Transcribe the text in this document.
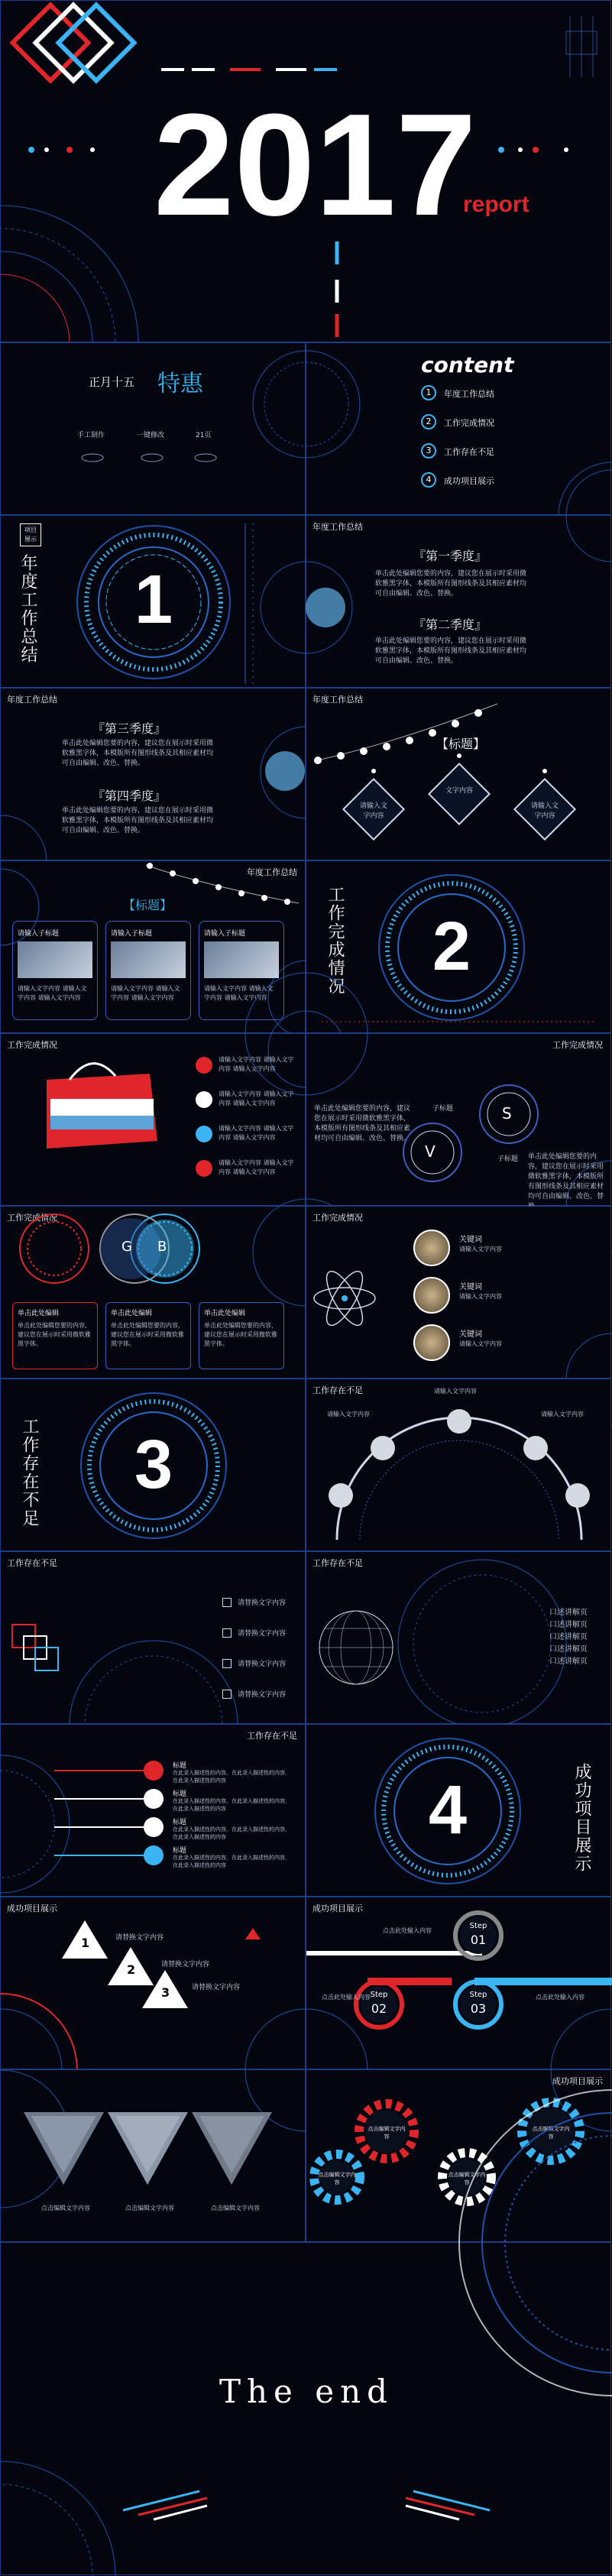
2017
report
正月十五 特惠
手工制作	一键修改	21页
content
1	年度工作总结
2	工作完成情况
3	工作存在不足
4	成功项目展示
项目 展示
年度工作总结 1
年度工作总结
『第一季度』
单击此处编辑您要的内容，建议您在展示时采用微软雅黑字体，本模版所有图形线条及其相应素材均可自由编辑、改色、替换。
『第二季度』
单击此处编辑您要的内容，建议您在展示时采用微软雅黑字体，本模版所有图形线条及其相应素材均可自由编辑、改色、替换。
年度工作总结
『第三季度』
单击此处编辑您要的内容，建议您在展示时采用微软雅黑字体，本模版所有图形线条及其相应素材均可自由编辑、改色、替换。
『第四季度』
单击此处编辑您要的内容，建议您在展示时采用微软雅黑字体，本模版所有图形线条及其相应素材均可自由编辑、改色、替换。
年度工作总结
【标题】
请输入文字内容
文字内容
请输入文字内容
年度工作总结
【标题】
请输入子标题
请输入文字内容 请输入文字内容 请输入文字内容
请输入子标题
请输入文字内容 请输入文字内容 请输入文字内容
请输入子标题
请输入文字内容 请输入文字内容 请输入文字内容
工作完成情况 2
工作完成情况
请输入文字内容 请输入文字内容 请输入文字内容
请输入文字内容 请输入文字内容 请输入文字内容
请输入文字内容 请输入文字内容 请输入文字内容
请输入文字内容 请输入文字内容 请输入文字内容
工作完成情况
V
S
子标题
子标题
单击此处编辑您要的内容，建议您在展示时采用微软雅黑字体，本模版所有图形线条及其相应素材均可自由编辑、改色、替换。
单击此处编辑您要的内容，建议您在展示时采用微软雅黑字体，本模版所有图形线条及其相应素材均可自由编辑、改色、替
工作完成情况
G B
单击此处编辑
单击此处编辑您要的内容，建议您在展示时采用微软雅黑字体。
单击此处编辑
单击此处编辑您要的内容，建议您在展示时采用微软雅黑字体。
单击此处编辑
单击此处编辑您要的内容，建议您在展示时采用微软雅黑字体。
工作完成情况
关键词
请输入文字内容
关键词
请输入文字内容
关键词
请输入文字内容
工作存在不足 3
工作存在不足
请输入文字内容
请输入文字内容
请输入文字内容
工作存在不足
请替换文字内容
请替换文字内容
请替换文字内容
请替换文字内容
工作存在不足
口述讲解页
口述讲解页
口述讲解页
口述讲解页
口述讲解页
工作存在不足
标题
在此录入描述性的内容，在此录入描述性的内容，在此录入描述性的内容
标题
在此录入描述性的内容，在此录入描述性的内容，在此录入描述性的内容
标题
在此录入描述性的内容，在此录入描述性的内容，在此录入描述性的内容
标题
在此录入描述性的内容，在此录入描述性的内容，在此录入描述性的内容	成功项目展示
4
成功项目展示
1	请替换文字内容
2	请替换文字内容
3	请替换文字内容
成功项目展示
Step
01
Step
02
Step
03
点击此处输入内容
点击此处输入内容	点击此处输入内容
点击编辑文字内容	点击编辑文字内容	点击编辑文字内容
成功项目展示
点击编辑文字内容
点击编辑文字内容
点击编辑文字内容
点击编辑文字内容
The end
